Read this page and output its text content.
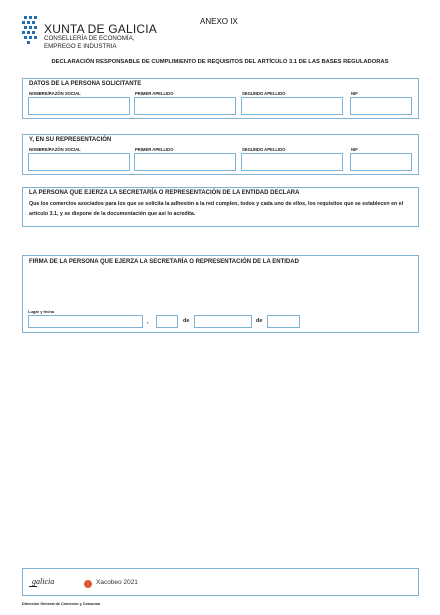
XUNTA DE GALICIA
CONSELLERÍA DE ECONOMÍA,
EMPREGO E INDUSTRIA
ANEXO IX
DECLARACIÓN RESPONSABLE DE CUMPLIMIENTO DE REQUISITOS DEL ARTÍCULO 3.1 DE LAS BASES REGULADORAS
DATOS DE LA PERSONA SOLICITANTE
NOMBRE/RAZÓN SOCIAL	PRIMER APELLIDO	SEGUNDO APELLIDO	NIF
Y, EN SU REPRESENTACIÓN
NOMBRE/RAZÓN SOCIAL	PRIMER APELLIDO	SEGUNDO APELLIDO	NIF
LA PERSONA QUE EJERZA LA SECRETARÍA O REPRESENTACIÓN DE LA ENTIDAD DECLARA
Que los comercios asociados para los que se solicita la adhesión a la red cumplen, todos y cada uno de ellos, los requisitos que se establecen en el artículo 3.1, y se dispone de la documentación que así lo acredita.
FIRMA DE LA PERSONA QUE EJERZA LA SECRETARÍA O REPRESENTACIÓN DE LA ENTIDAD
Lugar y fecha
,	de	de
galicia	Xacobeo 2021
Dirección General de Comercio y Consumo
